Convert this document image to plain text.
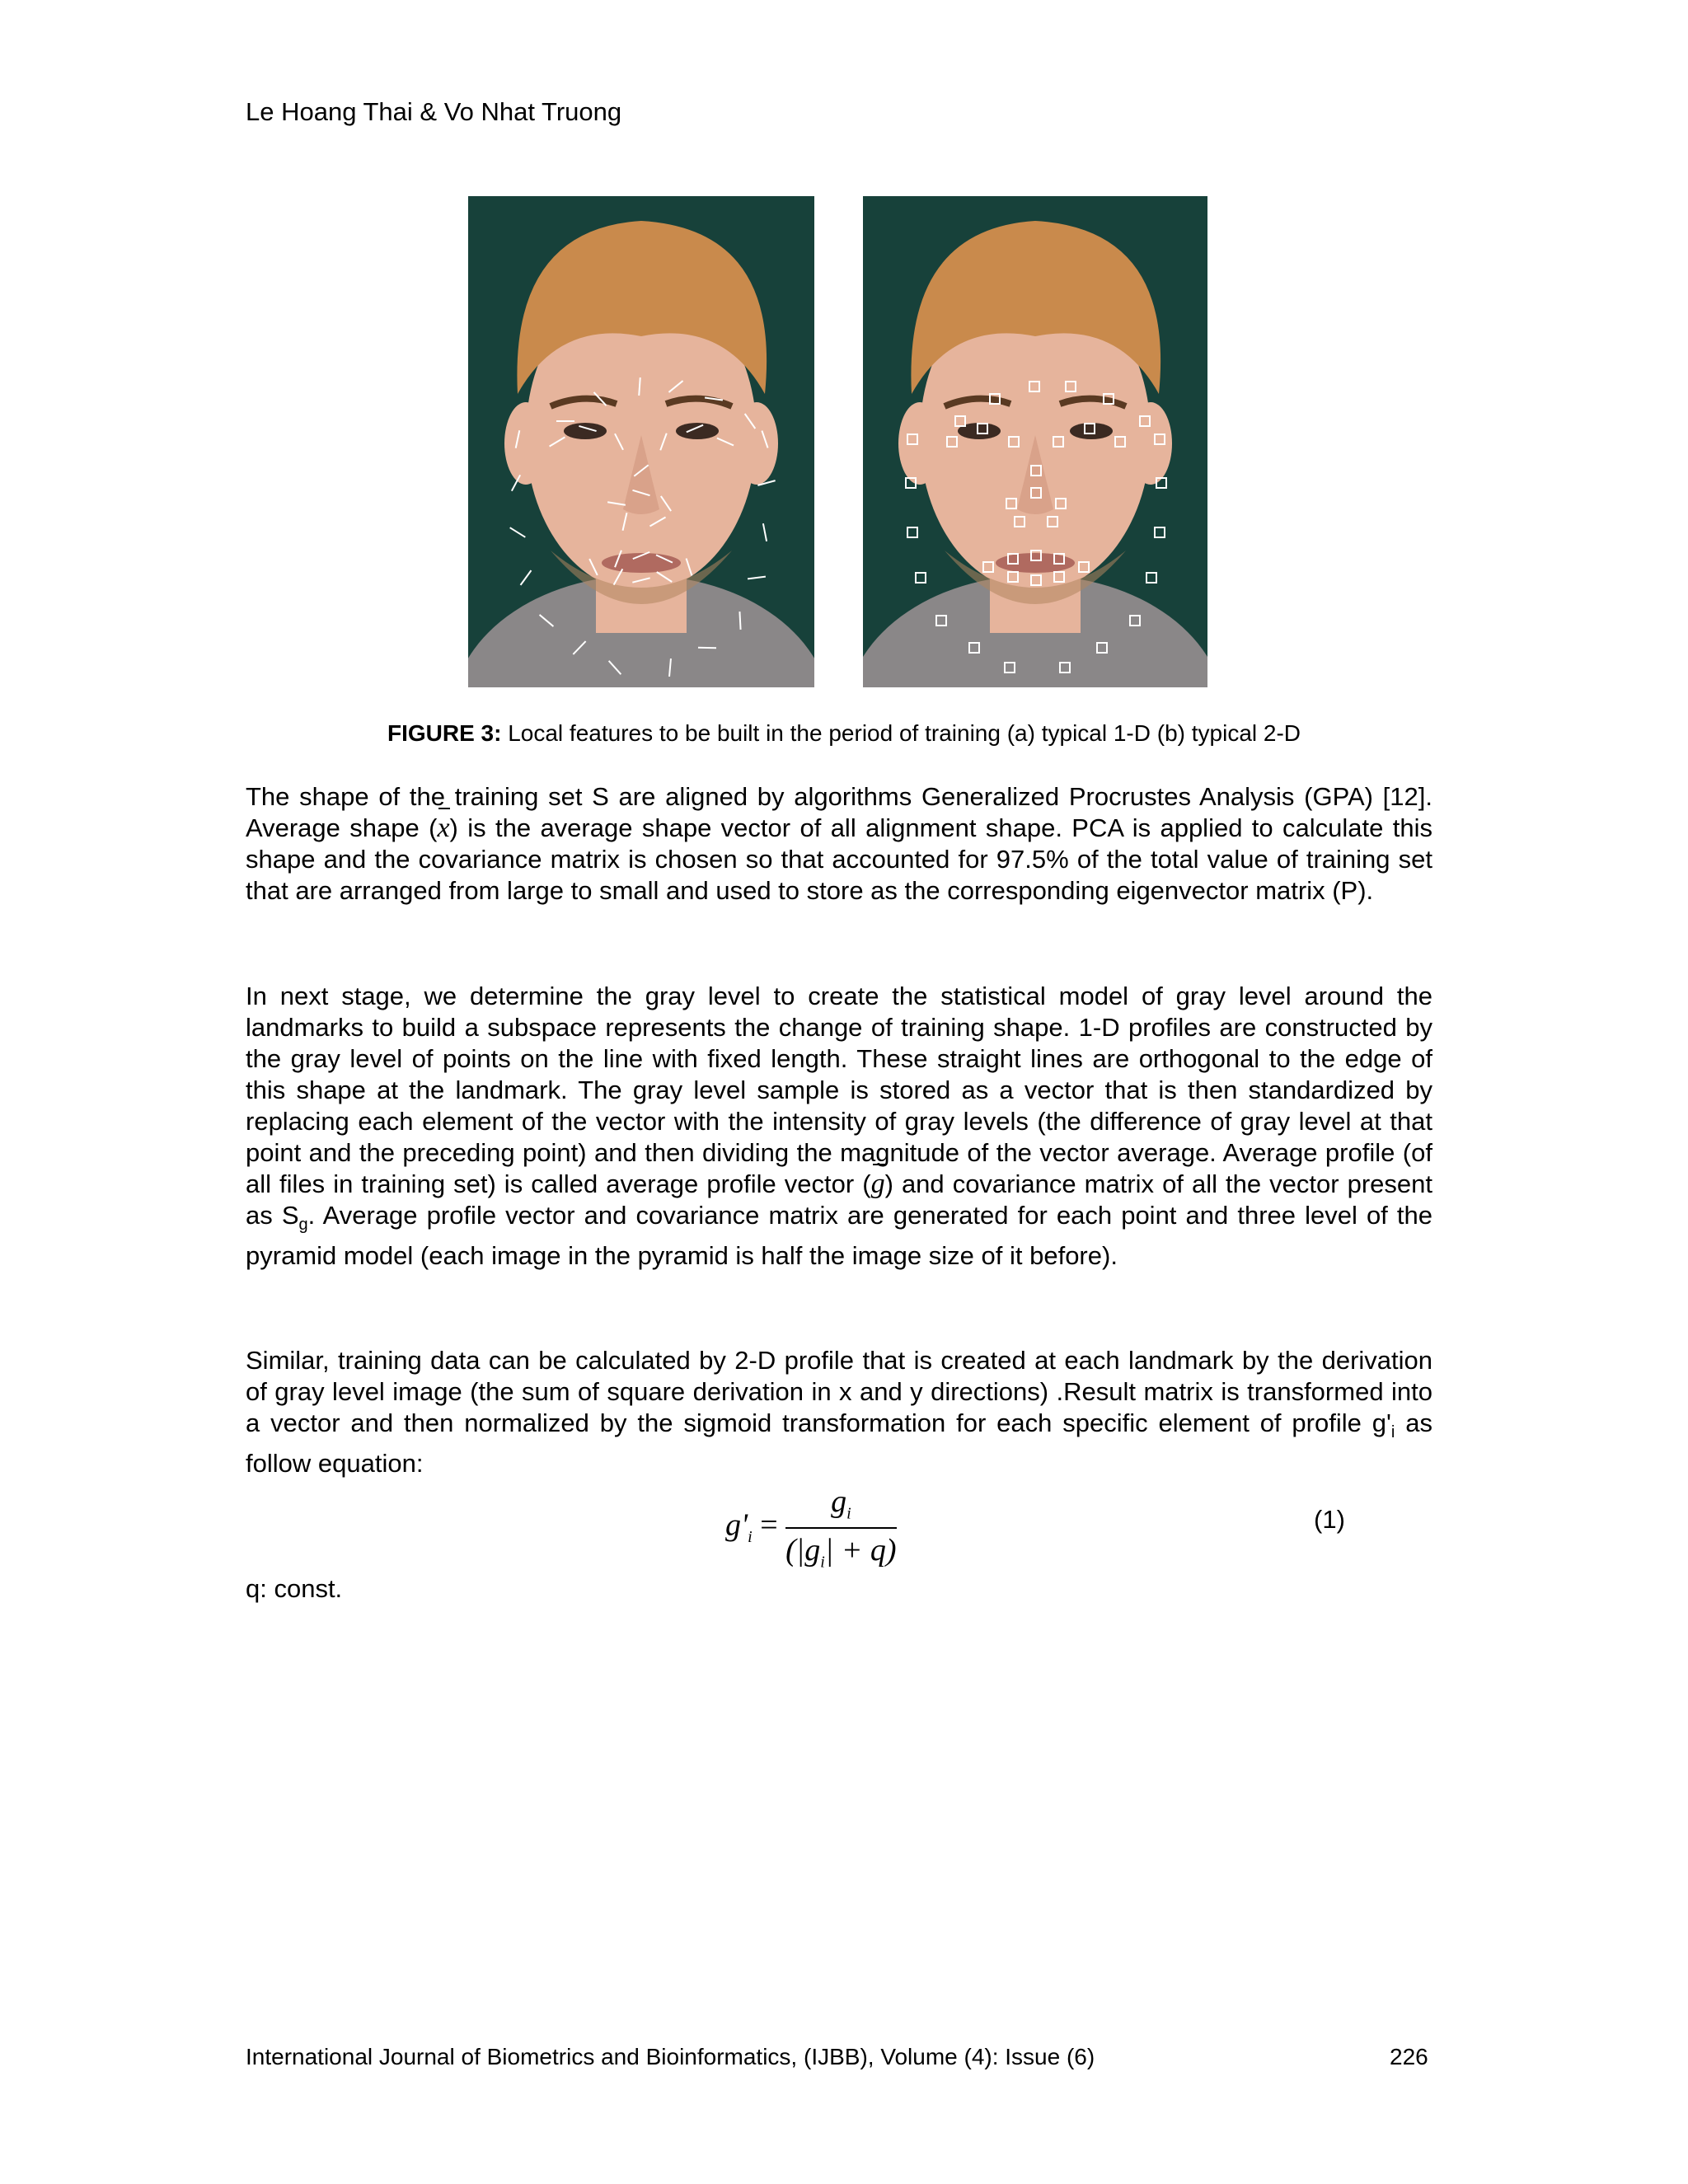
Le Hoang Thai & Vo Nhat Truong
FIGURE 3: Local features to be built in the period of training (a) typical 1-D (b) typical 2-D
The shape of the training set S are aligned by algorithms Generalized Procrustes Analysis (GPA) [12]. Average shape (x) is the average shape vector of all alignment shape. PCA is applied to calculate this shape and the covariance matrix is chosen so that accounted for 97.5% of the total value of training set that are arranged from large to small and used to store as the corresponding eigenvector matrix (P).
In next stage, we determine the gray level to create the statistical model of gray level around the landmarks to build a subspace represents the change of training shape. 1-D profiles are constructed by the gray level of points on the line with fixed length. These straight lines are orthogonal to the edge of this shape at the landmark. The gray level sample is stored as a vector that is then standardized by replacing each element of the vector with the intensity of gray levels (the difference of gray level at that point and the preceding point) and then dividing the magnitude of the vector average. Average profile (of all files in training set) is called average profile vector (g) and covariance matrix of all the vector present as $S_g$. Average profile vector and covariance matrix are generated for each point and three level of the pyramid model (each image in the pyramid is half the image size of it before).
Similar, training data can be calculated by 2-D profile that is created at each landmark by the derivation of gray level image (the sum of square derivation in x and y directions) .Result matrix is transformed into a vector and then normalized by the sigmoid transformation for each specific element of profile $g'_i$ as follow equation:
$g'_i = \frac{g_i}{(|g_i| + q)}$	(1)
q: const.
International Journal of Biometrics and Bioinformatics, (IJBB), Volume (4): Issue (6)	226
